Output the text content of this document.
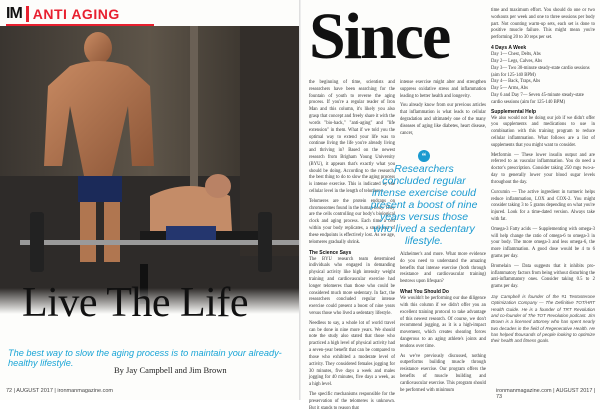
IM ANTI AGING
Live The Life
The best way to slow the aging process is to maintain your already-healthy lifestyle.
By Jay Campbell and Jim Brown
72 | AUGUST 2017 | ironmanmagazine.com
Since

the beginning of time, scientists and researchers have been searching for the fountain of youth to reverse the aging process. If you're a regular reader of Iron Man and this column, it's likely you also grasp that concept and freely share it with the words "bio-hack," "anti-aging" and "life extension" in them. What if we told you the optimal way to extend your life was to continue living the life you're already living and thriving in? Based on the newest research from Brigham Young University (BYU), it appears that's exactly what you should be doing. According to the research, the best thing to do to slow the aging process is intense exercise. This is indicated by the cellular level in the length of telomeres.

Telomeres are the protein endcaps on chromosomes found in the human body. They are the cells controlling our body's biological clock and aging process. Each time a cell within your body replicates, a small part of these endpoints is effectively lost. As we age, telomeres gradually shrink.

The Science Says

The BYU research team determined individuals who engaged in demanding physical activity like high intensity weight training and cardiovascular exercise had longer telomeres than those who could be considered much more sedentary. In fact, the researchers concluded regular intense exercise could present a boost of nine years versus those who lived a sedentary lifestyle.

Needless to say, a whole lot of world travel can be done in nine more years. We should note the study also stated that those who practiced a high level of physical activity had a seven-year benefit that can be compared to those who exhibited a moderate level of activity. They considered females jogging for 30 minutes, five days a week and males jogging for 40 minutes, five days a week, as a high level.

The specific mechanisms responsible for the preservation of the telomeres is unknown. But it stands to reason that

intense exercise might alter and strengthen suppress oxidative stress and inflammation leading to better health and longevity.

You already know from our previous articles that inflammation is what leads to cellular degradation and ultimately one of the many diseases of aging like diabetes, heart disease, cancer,

“
Researchers concluded regular intense exercise could present a boost of nine years versus those who lived a sedentary lifestyle.

Alzheimer's and more. What more evidence do you need to understand the amazing benefits that intense exercise (both through resistance and cardiovascular training) bestows upon lifespan?

What You Should Do

We wouldn't be performing our due diligence with this column if we didn't offer you an excellent training protocol to take advantage of this newest research. Of course, we don't recommend jogging, as it is a high-impact movement, which creates shearing forces dangerous to an aging athlete's joints and tendons over time.

As we've previously discussed, nothing outperforms building muscle through resistance exercise. Our program offers the benefits of muscle building and cardiovascular exercise. This program should be performed with minimum

time and maximum effort. You should do one or two workouts per week and one to three sessions per body part. Not counting warm-up sets, each set is done to positive muscle failure. This might mean you're performing 20 to 30 reps per set.

4 Days A Week
Day 1— Chest, Delts, Abs
Day 2— Legs, Calves, Abs
Day 3— Two 30-minute steady-state cardio sessions (aim for 125-140 BPM)
Day 4— Back, Traps, Abs
Day 5— Arms, Abs
Day 6 and Day 7— Seven 45-minute steady-state cardio sessions (aim for 125-140 BPM)
Supplemental Help

We also would not be doing our job if we didn't offer you supplements and medications to use in combination with this training program to reduce cellular inflammation. What follows are a list of supplements that you might want to consider.

Metformin — These lower insulin output and are referred to as vascular inflammation. You do need a doctor's prescription. Consider taking 250 mgs two-a-day to generally lower your blood sugar levels throughout the day.

Curcumin — The active ingredient in turmeric helps reduce inflammation, LOX and COX-2. You might consider taking 3 to 5 grams depending on what you're injured. Look for a time-dated version. Always take with fat.

Omega-3 Fatty acids — Supplementing with omega-3 will help change the ratio of omega-6 to omega-3 in your body. The more omega-3 and less omega-6, the more inflammation. A good dose would be 4 to 6 grams per day.

Bromelain — Data suggests that it inhibits pro-inflammatory factors from being without disturbing the anti-inflammatory ones. Consider taking 0.5 to 2 grams per day.

Jay Campbell is founder of the #1 Testosterone Optimization Company — The Definitive TOT/HRT Health Guide. He is a founder of TRT Revolution and co-founder of The TOT Revolution podcast. Jim Brown is a licensed attorney who has spent nearly two decades in the field of Regenerative Health. He has helped thousands of people looking to optimize their health and fitness goals.

ironmanmagazine.com | AUGUST 2017 | 73
